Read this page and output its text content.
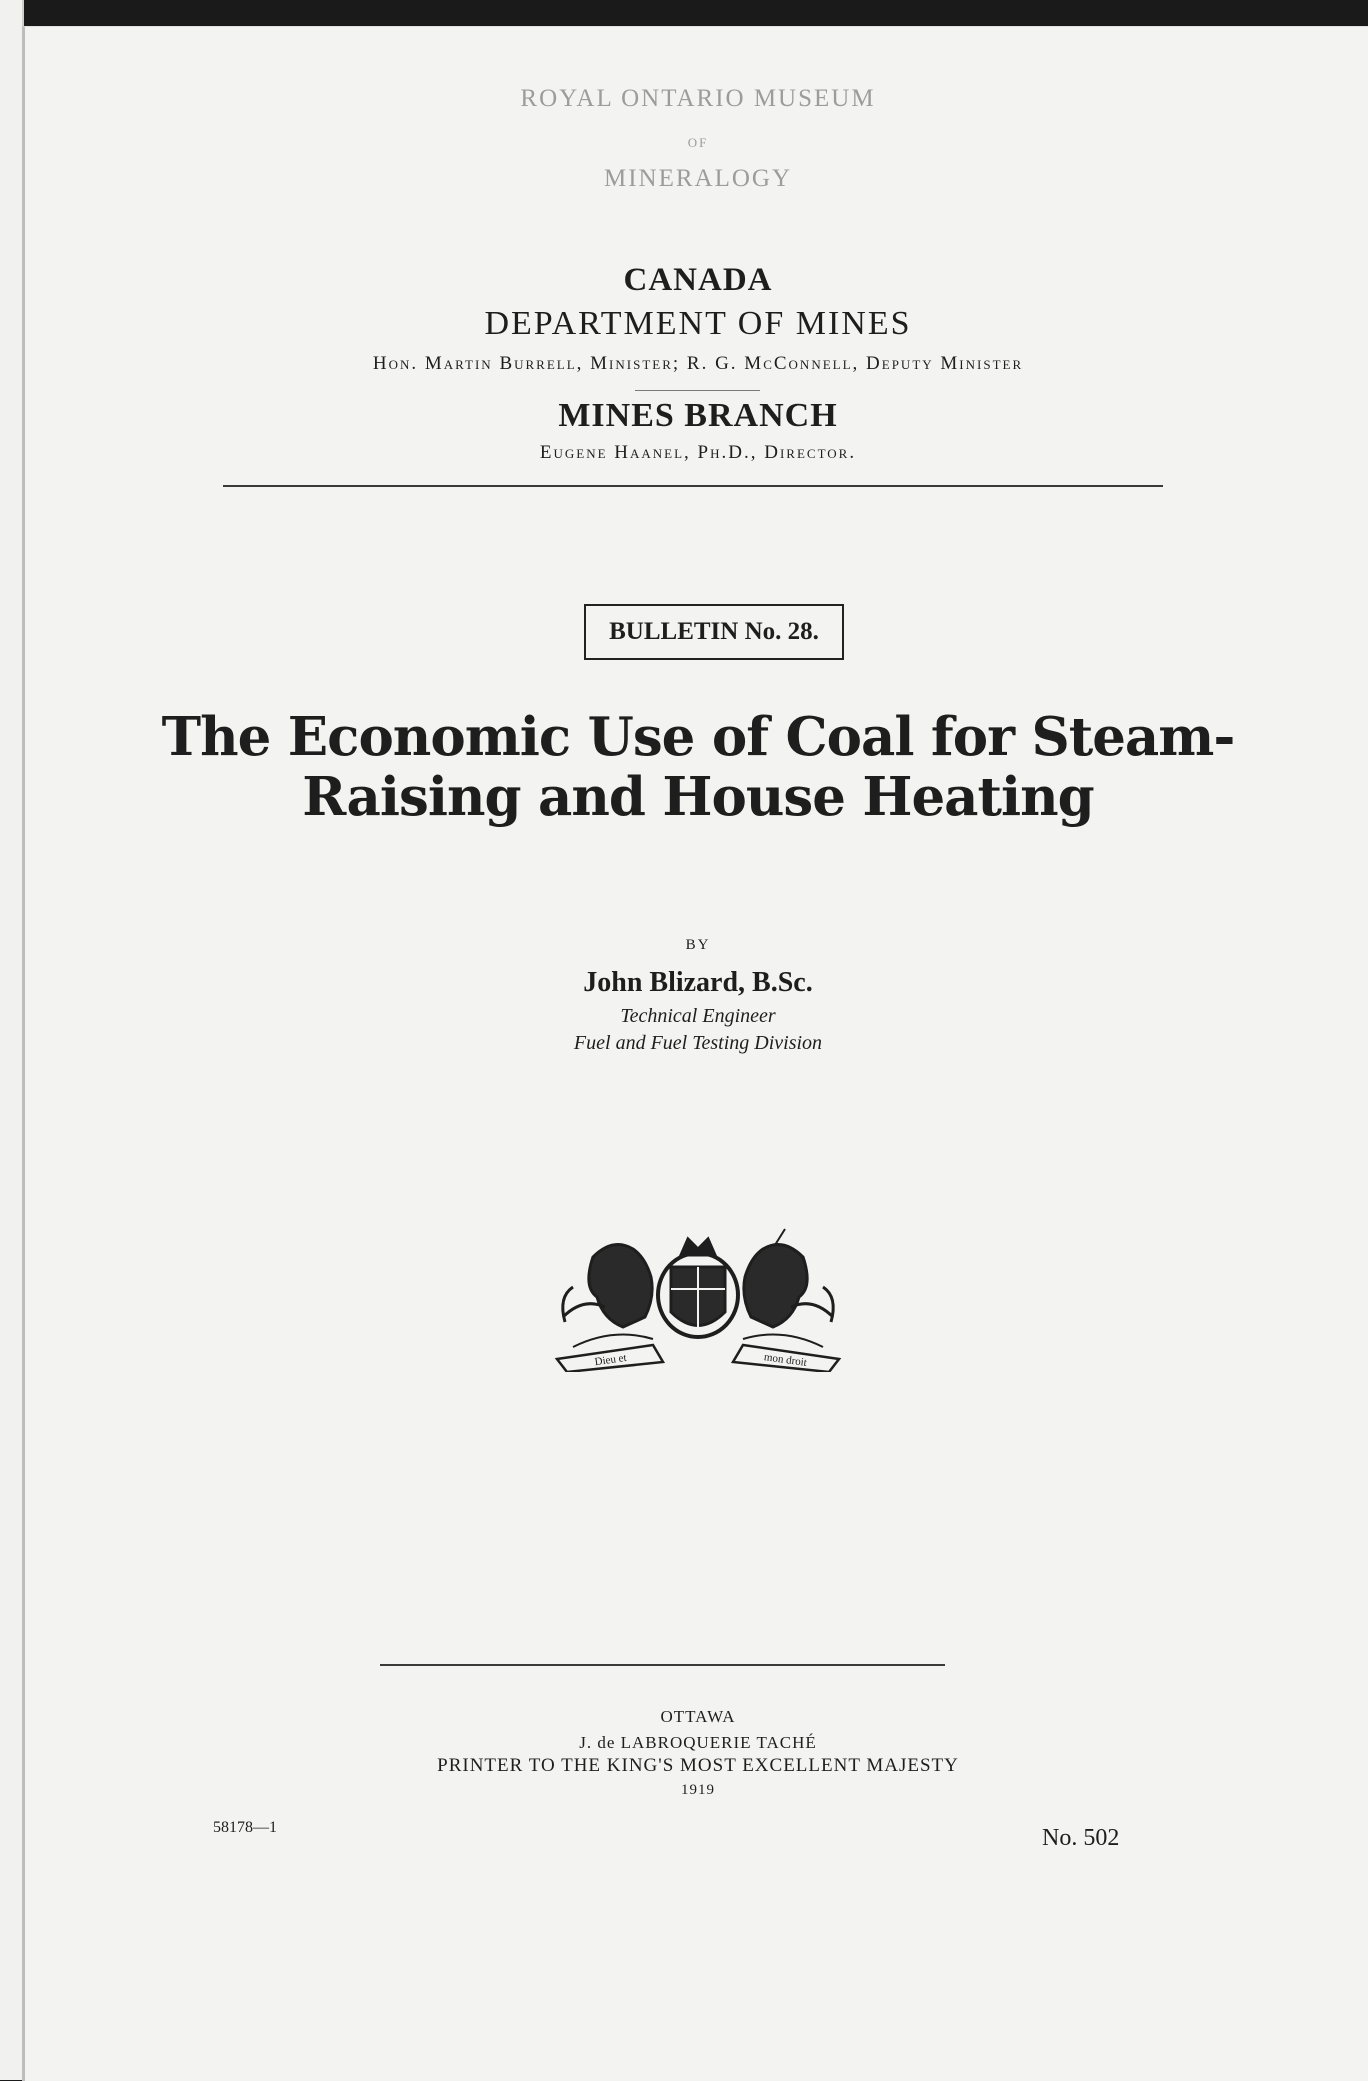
ROYAL ONTARIO MUSEUM
OF
MINERALOGY
CANADA
DEPARTMENT OF MINES
Hon. Martin Burrell, Minister; R. G. McConnell, Deputy Minister
MINES BRANCH
Eugene Haanel, Ph.D., Director.
BULLETIN No. 28.
The Economic Use of Coal for Steam-
Raising and House Heating
BY
John Blizard, B.Sc.
Technical Engineer
Fuel and Fuel Testing Division
Dieu et	mon droit
OTTAWA
J. de LABROQUERIE TACHÉ
PRINTER TO THE KING'S MOST EXCELLENT MAJESTY
1919
58178—1	No. 502
